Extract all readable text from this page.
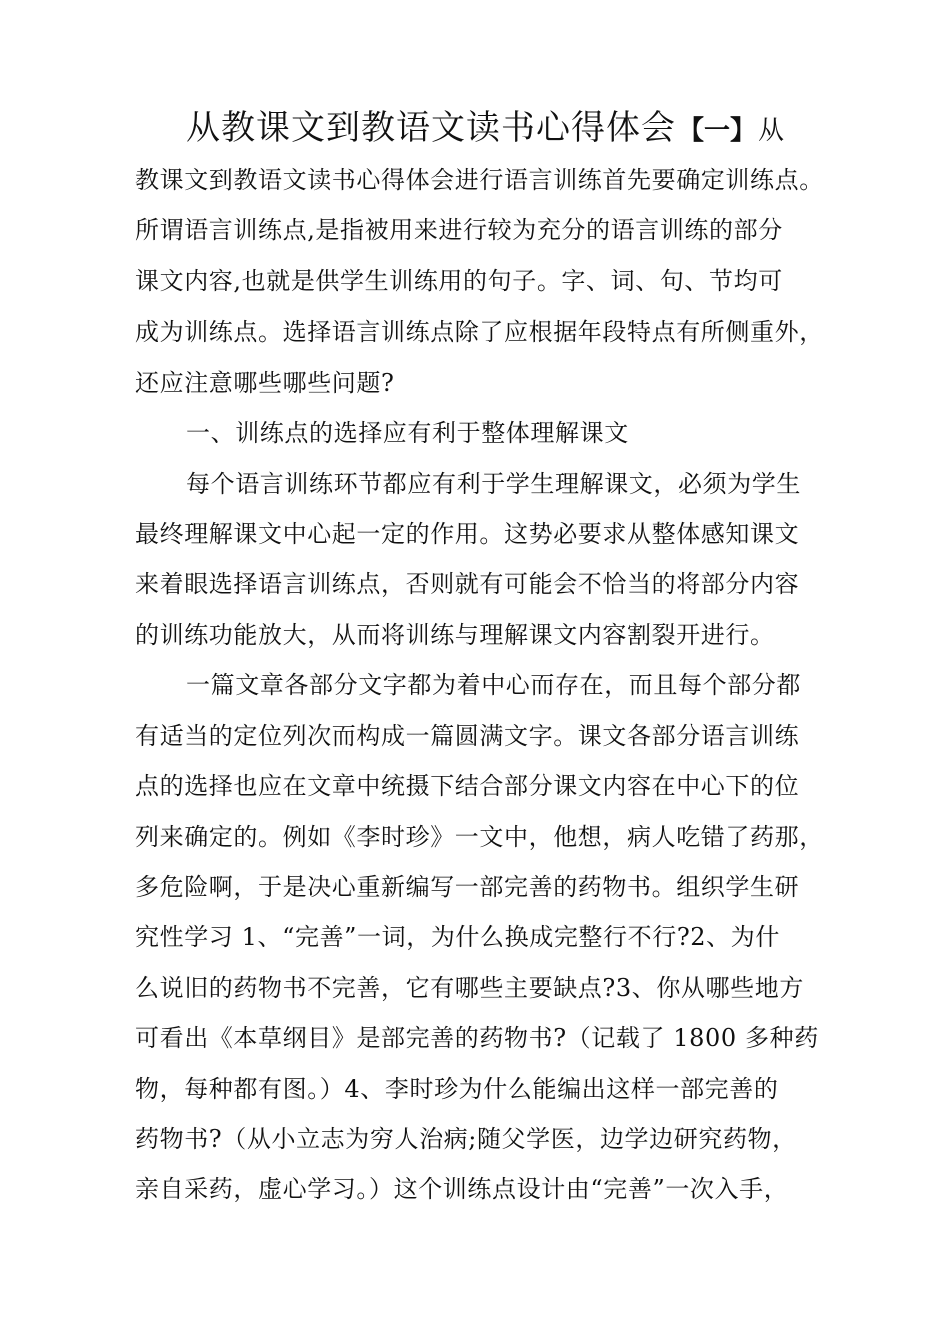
从教课文到教语文读书心得体会【一】从
教课文到教语文读书心得体会进行语言训练首先要确定训练点。
所谓语言训练点,是指被用来进行较为充分的语言训练的部分
课文内容,也就是供学生训练用的句子。字、词、句、节均可
成为训练点。选择语言训练点除了应根据年段特点有所侧重外，
还应注意哪些哪些问题?
一、训练点的选择应有利于整体理解课文
每个语言训练环节都应有利于学生理解课文，必须为学生
最终理解课文中心起一定的作用。这势必要求从整体感知课文
来着眼选择语言训练点，否则就有可能会不恰当的将部分内容
的训练功能放大，从而将训练与理解课文内容割裂开进行。
一篇文章各部分文字都为着中心而存在，而且每个部分都
有适当的定位列次而构成一篇圆满文字。课文各部分语言训练
点的选择也应在文章中统摄下结合部分课文内容在中心下的位
列来确定的。例如《李时珍》一文中，他想，病人吃错了药那，
多危险啊，于是决心重新编写一部完善的药物书。组织学生研
究性学习 1、“完善”一词，为什么换成完整行不行?2、为什
么说旧的药物书不完善，它有哪些主要缺点?3、你从哪些地方
可看出《本草纲目》是部完善的药物书?（记载了 1800 多种药
物，每种都有图。）4、李时珍为什么能编出这样一部完善的
药物书?（从小立志为穷人治病;随父学医，边学边研究药物，
亲自采药，虚心学习。）这个训练点设计由“完善”一次入手，
